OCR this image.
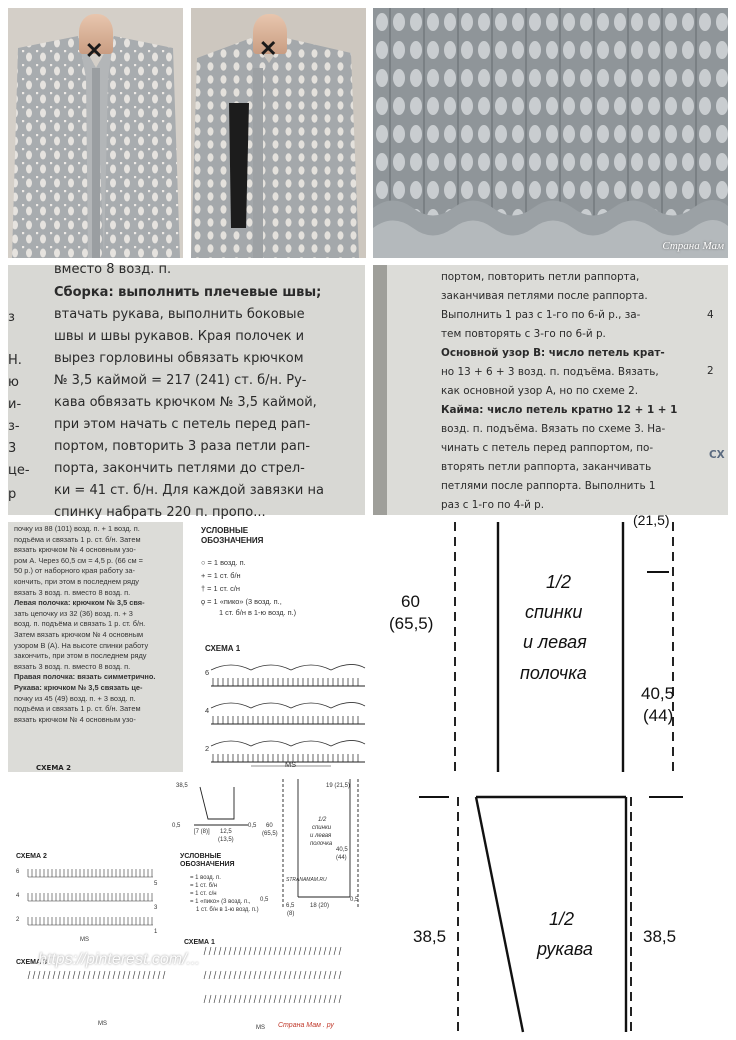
✕	✕
Страна Мам

з

Н.

ю

и-

з-

3

це-

р

вместо 8 возд. п.

Сборка: выполнить плечевые швы;

втачать рукава, выполнить боковые

швы и швы рукавов. Края полочек и

вырез горловины обвязать крючком

№ 3,5 каймой = 217 (241) ст. б/н. Ру-

кава обвязать крючком № 3,5 каймой,

при этом начать с петель перед рап-

портом, повторить 3 раза петли рап-

порта, закончить петлями до стрел-

ки = 41 ст. б/н. Для каждой завязки на

спинку набрать 220 п. пропо...

портом, повторить петли раппорта,

заканчивая петлями после раппорта.

Выполнить 1 раз с 1-го по 6-й р., за-

тем повторять с 3-го по 6-й р.

Основной узор В: число петель крат-

но 13 + 6 + 3 возд. п. подъёма. Вязать,

как основной узор А, но по схеме 2.

Кайма: число петель кратно 12 + 1 + 1

возд. п. подъёма. Вязать по схеме 3. На-

чинать с петель перед раппортом, по-

вторять петли раппорта, заканчивать

петлями после раппорта. Выполнить 1

раз с 1-го по 4-й р.

4

2

СХ

почку из 88 (101) возд. п. + 1 возд. п.
подъёма и связать 1 р. ст. б/н. Затем
вязать крючком № 4 основным узо-
ром А. Через 60,5 см = 4,5 р. (66 см =
50 р.) от наборного края работу за-
кончить, при этом в последнем ряду
вязать 3 возд. п. вместо 8 возд. п.
Левая полочка: крючком № 3,5 свя-
зать цепочку из 32 (36) возд. п. + 3
возд. п. подъёма и связать 1 р. ст. б/н.
Затем вязать крючком № 4 основным
узором В (А). На высоте спинки работу
закончить, при этом в последнем ряду
вязать 3 возд. п. вместо 8 возд. п.
Правая полочка: вязать симметрично.
Рукава: крючком № 3,5 связать це-
почку из 45 (49) возд. п. + 3 возд. п.
подъёма и связать 1 р. ст. б/н. Затем
вязать крючком № 4 основным узо-

СХЕМА 2

УСЛОВНЫЕ

ОБОЗНАЧЕНИЯ

○ = 1 возд. п.

+ = 1 ст. б/н

† = 1 ст. с/н

ϙ = 1 «пико» (3 возд. п.,

1 ст. б/н в 1-ю возд. п.)

СХЕМА 1

6

4

2

MS

(21,5)

60

(65,5)

1/2

спинки

и левая

полочка

40,5

(44)

38,5

0,5

[7 (8)] 12,5

(13,5)

0,5

19 (21,5)

60

(65,5)

40,5

(44)

1/2

спинки

и левая

полочка

STRANAMAM.RU

0,5

6,5

(8)

18 (20)

0,5

СХЕМА 2	УСЛОВНЫЕ

ОБОЗНАЧЕНИЯ

= 1 возд. п.

= 1 ст. б/н

= 1 ст. с/н

= 1 «пико» (3 возд. п.,

1 ст. б/н в 1-ю возд. п.)

6

4

2

5

3

1

MS

СХЕМА 3

СХЕМА 1

https://pinterest.com/...

MS

MS Страна Мам . ру

38,5	38,5

1/2

рукава
